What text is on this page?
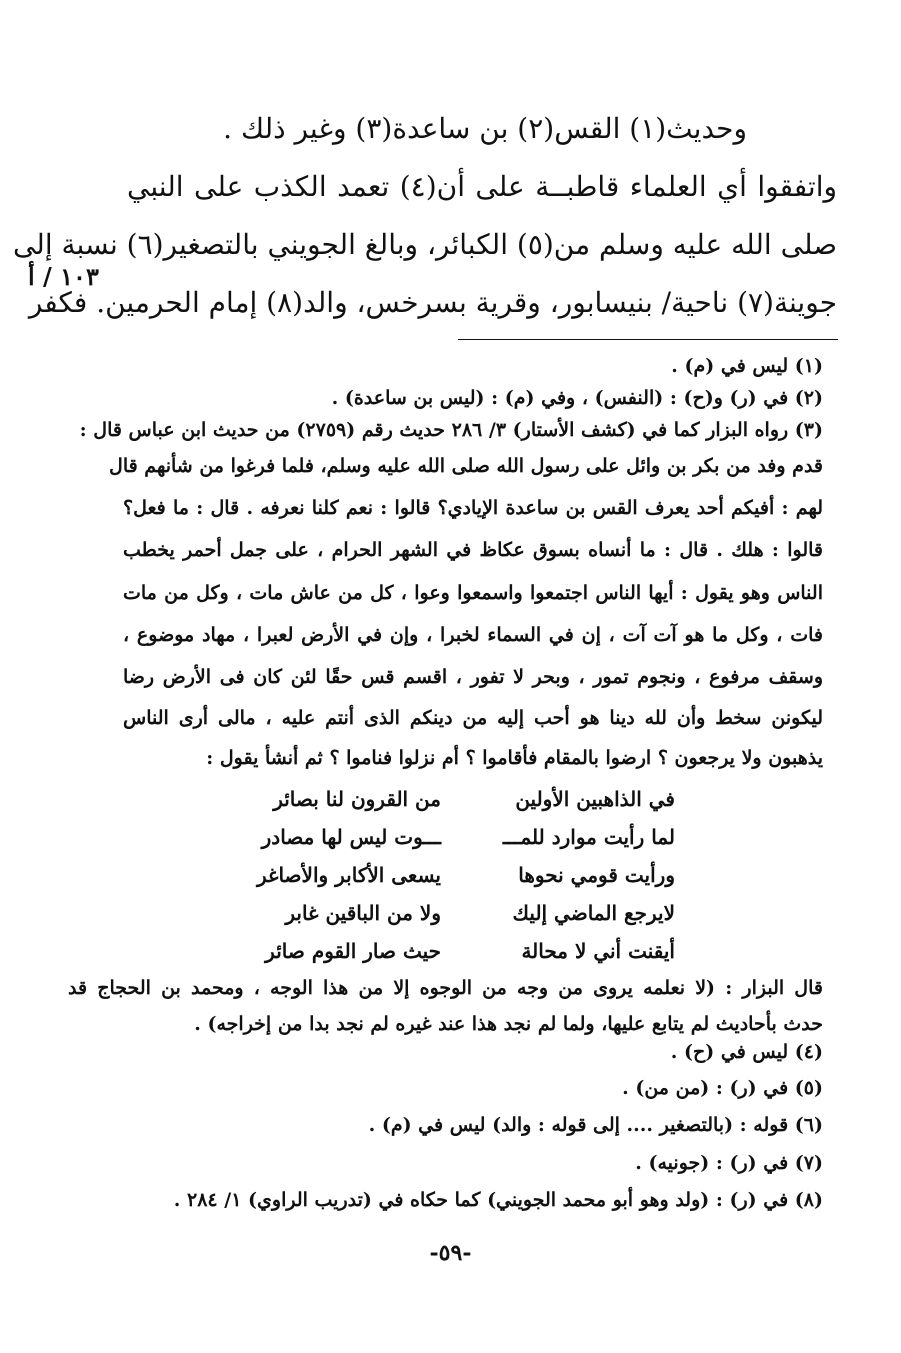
وحديث(١) القس(٢) بن ساعدة(٣) وغير ذلك .
واتفقوا أي العلماء قاطبــة على أن(٤) تعمد الكذب على النبي
صلى الله عليه وسلم من(٥) الكبائر، وبالغ الجويني بالتصغير(٦) نسبة إلى
جوينة(٧) ناحية/ بنيسابور، وقرية بسرخس، والد(٨) إمام الحرمين. فكفر
١٠٣ / أ
(١) ليس في (م) .
(٢) في (ر) و(ح) : (النفس) ، وفي (م) : (ليس بن ساعدة) .
(٣) رواه البزار كما في (كشف الأستار) ٣/ ٢٨٦ حديث رقم (٢٧٥٩) من حديث ابن عباس قال :
قدم وفد من بكر بن وائل على رسول الله صلى الله عليه وسلم، فلما فرغوا من شأنهم قال
لهم : أفيكم أحد يعرف القس بن ساعدة الإيادي؟ قالوا : نعم كلنا نعرفه . قال : ما فعل؟
قالوا : هلك . قال : ما أنساه بسوق عكاظ في الشهر الحرام ، على جمل أحمر يخطب
الناس وهو يقول : أيها الناس اجتمعوا واسمعوا وعوا ، كل من عاش مات ، وكل من مات
فات ، وكل ما هو آت آت ، إن في السماء لخبرا ، وإن في الأرض لعبرا ، مهاد موضوع ،
وسقف مرفوع ، ونجوم تمور ، وبحر لا تفور ، اقسم قس حقًا لئن كان فى الأرض رضا
ليكونن سخط وأن لله دينا هو أحب إليه من دينكم الذى أنتم عليه ، مالى أرى الناس
يذهبون ولا يرجعون ؟ ارضوا بالمقام فأقاموا ؟ أم نزلوا فناموا ؟ ثم أنشأ يقول :
في الذاهبين الأولين
من القرون لنا بصائر
لما رأيت موارد للمـــ
ـــوت ليس لها مصادر
ورأيت قومي نحوها
يسعى الأكابر والأصاغر
لايرجع الماضي إليك
ولا من الباقين غابر
أيقنت أني لا محالة
حيث صار القوم صائر
قال البزار : (لا نعلمه يروى من وجه من الوجوه إلا من هذا الوجه ، ومحمد بن الحجاج قد
حدث بأحاديث لم يتابع عليها، ولما لم نجد هذا عند غيره لم نجد بدا من إخراجه) .
(٤) ليس في (ح) .
(٥) في (ر) : (من من) .
(٦) قوله : (بالتصغير .... إلى قوله : والد) ليس في (م) .
(٧) في (ر) : (جونيه) .
(٨) في (ر) : (ولد وهو أبو محمد الجويني) كما حكاه في (تدريب الراوي) ١/ ٢٨٤ .
-٥٩-
